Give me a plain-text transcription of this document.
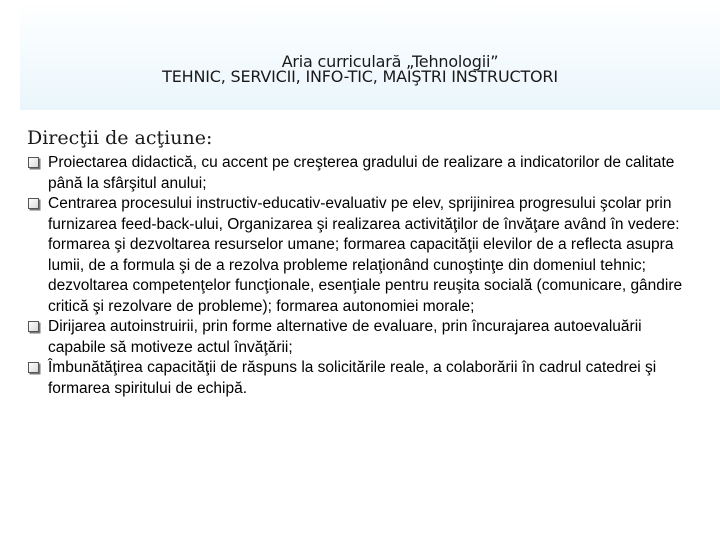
Aria curriculară „Tehnologii”
TEHNIC, SERVICII, INFO-TIC, MAIŞTRI INSTRUCTORI
Direcţii de acţiune:
Proiectarea didactică, cu accent pe creşterea gradului de realizare a indicatorilor de calitate până la sfârşitul anului;
Centrarea procesului instructiv-educativ-evaluativ pe elev, sprijinirea progresului şcolar prin furnizarea feed-back-ului, Organizarea şi realizarea activităţilor de învăţare având în vedere: formarea şi dezvoltarea resurselor umane; formarea capacităţii elevilor de a reflecta asupra lumii, de a formula şi de a rezolva probleme relaţionând cunoştinţe din domeniul tehnic; dezvoltarea competenţelor funcţionale, esenţiale pentru reuşita socială (comunicare, gândire critică şi rezolvare de probleme); formarea autonomiei morale;
Dirijarea autoinstruirii, prin forme alternative de evaluare, prin încurajarea autoevaluării capabile să motiveze actul învăţării;
Îmbunătăţirea capacităţii de răspuns la solicitările reale, a colaborării în cadrul catedrei şi formarea spiritului de echipă.
